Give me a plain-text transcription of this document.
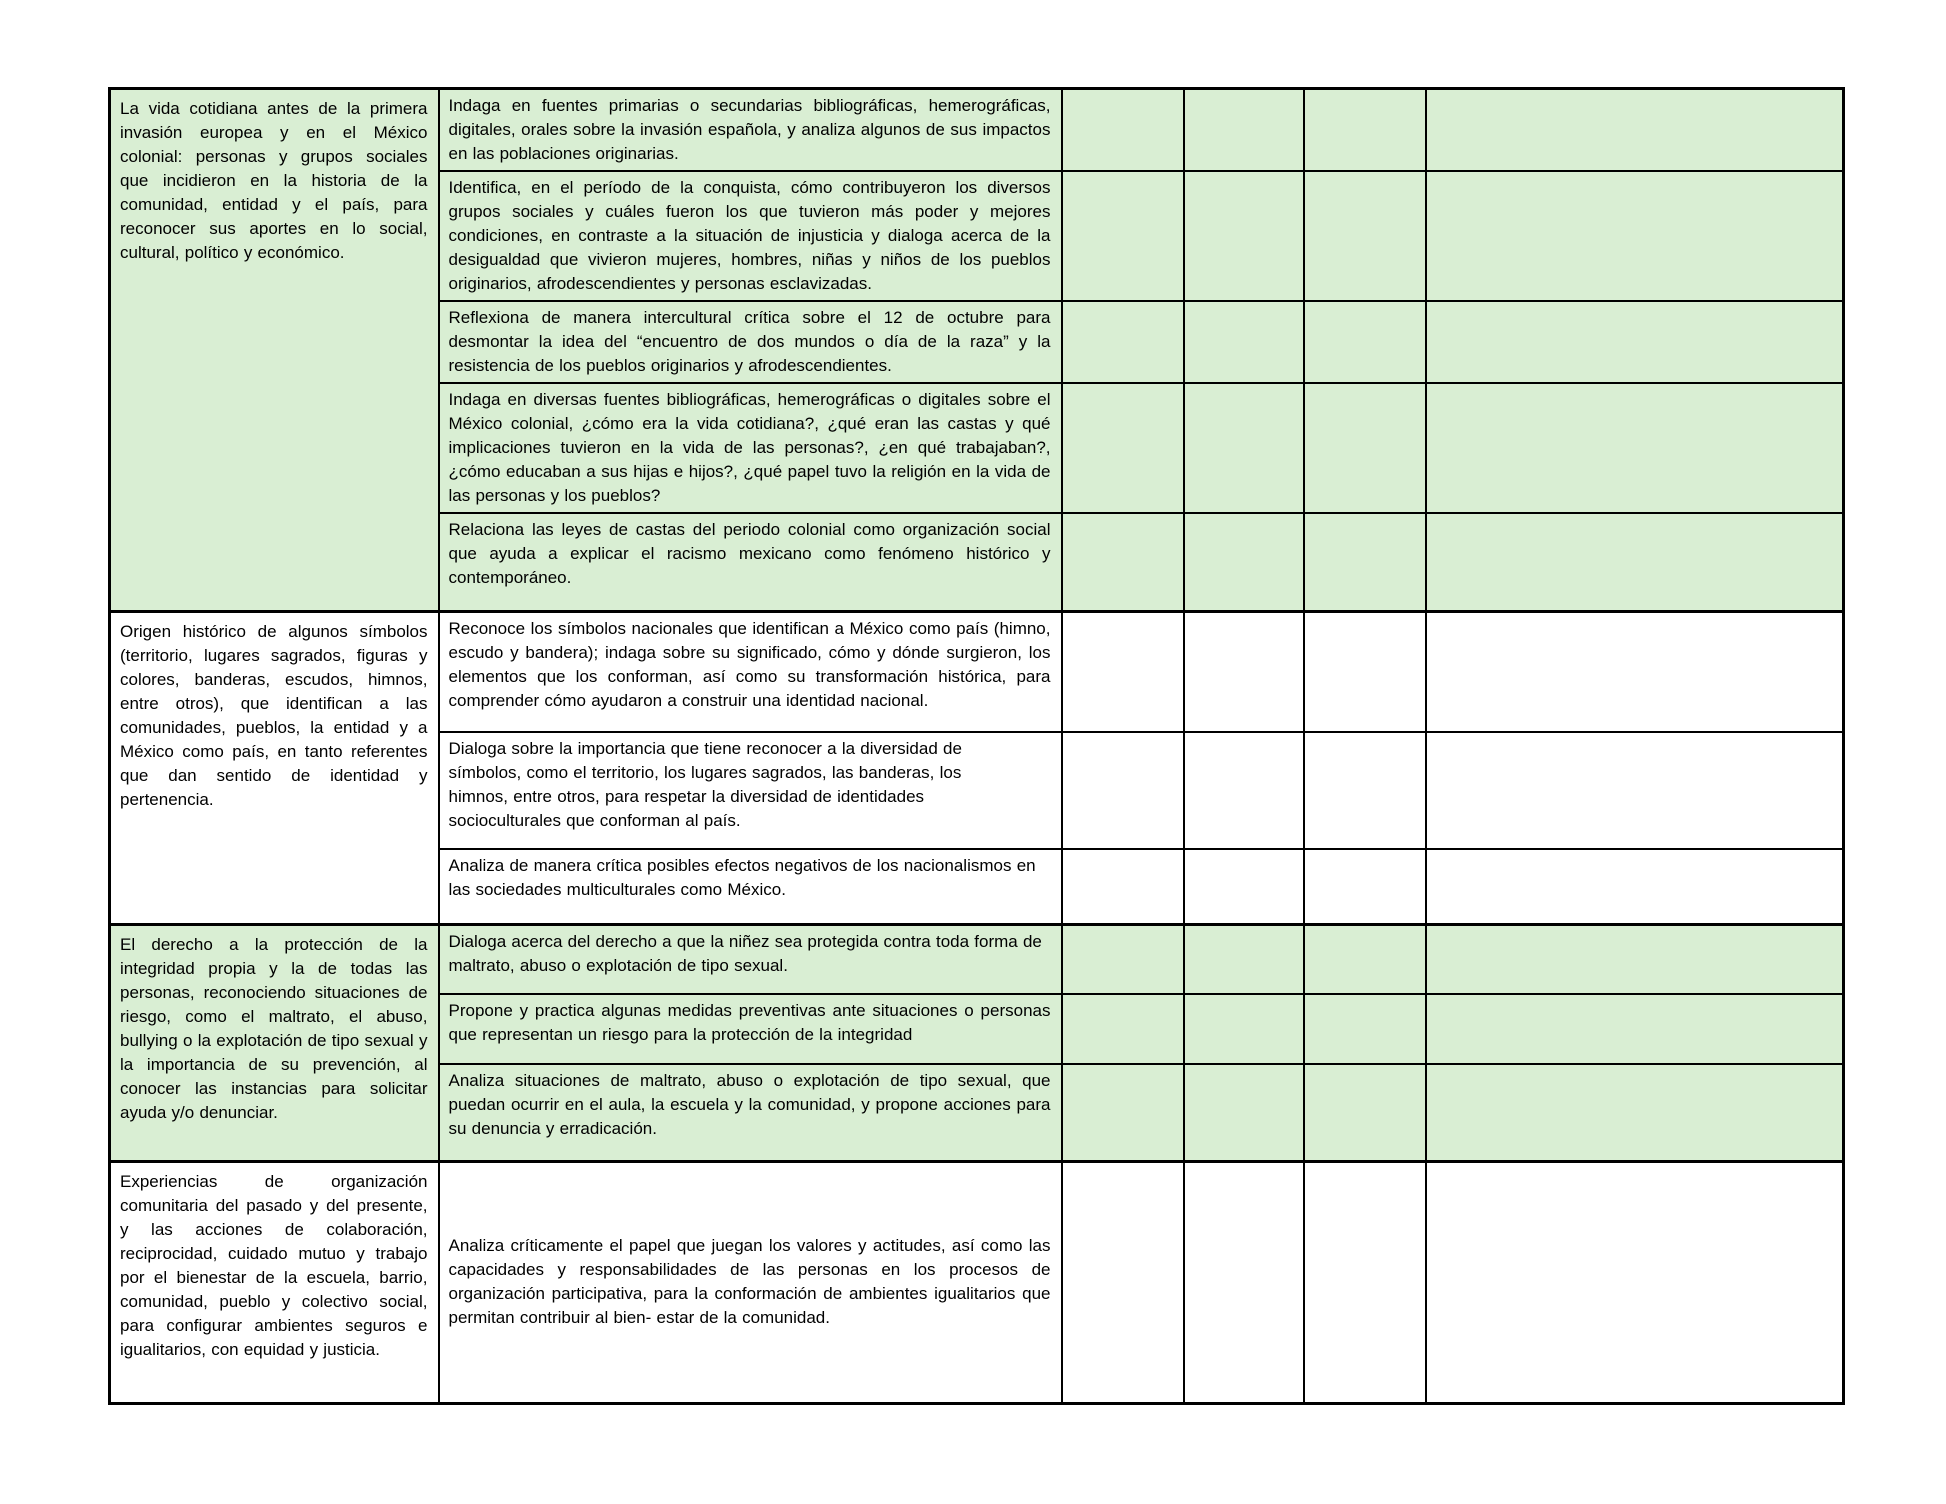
La vida cotidiana antes de la primera invasión europea y en el México colonial: personas y grupos sociales que incidieron en la historia de la comunidad, entidad y el país, para reconocer sus aportes en lo social, cultural, político y económico.	Indaga en fuentes primarias o secundarias bibliográficas, hemerográficas, digitales, orales sobre la invasión española, y analiza algunos de sus impactos en las poblaciones originarias.				
	Identifica, en el período de la conquista, cómo contribuyeron los diversos grupos sociales y cuáles fueron los que tuvieron más poder y mejores condiciones, en contraste a la situación de injusticia y dialoga acerca de la desigualdad que vivieron mujeres, hombres, niñas y niños de los pueblos originarios, afrodescendientes y personas esclavizadas.				
	Reflexiona de manera intercultural crítica sobre el 12 de octubre para desmontar la idea del “encuentro de dos mundos o día de la raza” y la resistencia de los pueblos originarios y afrodescendientes.				
	Indaga en diversas fuentes bibliográficas, hemerográficas o digitales sobre el México colonial, ¿cómo era la vida cotidiana?, ¿qué eran las castas y qué implicaciones tuvieron en la vida de las personas?, ¿en qué trabajaban?, ¿cómo educaban a sus hijas e hijos?, ¿qué papel tuvo la religión en la vida de las personas y los pueblos?				
	Relaciona las leyes de castas del periodo colonial como organización social que ayuda a explicar el racismo mexicano como fenómeno histórico y contemporáneo.				
Origen histórico de algunos símbolos (territorio, lugares sagrados, figuras y colores, banderas, escudos, himnos, entre otros), que identifican a las comunidades, pueblos, la entidad y a México como país, en tanto referentes que dan sentido de identidad y pertenencia.	Reconoce los símbolos nacionales que identifican a México como país (himno, escudo y bandera); indaga sobre su significado, cómo y dónde surgieron, los elementos que los conforman, así como su transformación histórica, para comprender cómo ayudaron a construir una identidad nacional.				
	Dialoga sobre la importancia que tiene reconocer a la diversidad de símbolos, como el territorio, los lugares sagrados, las banderas, los himnos, entre otros, para respetar la diversidad de identidades socioculturales que conforman al país.				
	Analiza de manera crítica posibles efectos negativos de los nacionalismos en las sociedades multiculturales como México.				
El derecho a la protección de la integridad propia y la de todas las personas, reconociendo situaciones de riesgo, como el maltrato, el abuso, bullying o la explotación de tipo sexual y la importancia de su prevención, al conocer las instancias para solicitar ayuda y/o denunciar.	Dialoga acerca del derecho a que la niñez sea protegida contra toda forma de maltrato, abuso o explotación de tipo sexual.				
	Propone y practica algunas medidas preventivas ante situaciones o personas que representan un riesgo para la protección de la integridad				
	Analiza situaciones de maltrato, abuso o explotación de tipo sexual, que puedan ocurrir en el aula, la escuela y la comunidad, y propone acciones para su denuncia y erradicación.				
Experiencias de organización comunitaria del pasado y del presente, y las acciones de colaboración, reciprocidad, cuidado mutuo y trabajo por el bienestar de la escuela, barrio, comunidad, pueblo y colectivo social, para configurar ambientes seguros e igualitarios, con equidad y justicia.	Analiza críticamente el papel que juegan los valores y actitudes, así como las capacidades y responsabilidades de las personas en los procesos de organización participativa, para la conformación de ambientes igualitarios que permitan contribuir al bien- estar de la comunidad.				
